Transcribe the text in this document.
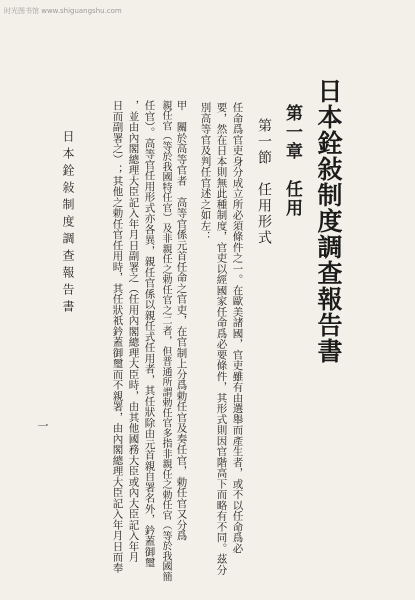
时光图书馆 www.shiguangshu.com
日本銓敍制度調查報告書
第一章　任用
第一節　任用形式
任命爲官吏身分成立所必須條件之一。在歐美諸國，官吏雖有由選舉而產生者，或不以任命爲必
要，然在日本則無此種制度，官吏以經國家任命爲必要條件，其形式則因官階高下而略有不同。茲分
別高等官及判任官述之如左：
甲　關於高等官者　高等官係元首任命之官吏，在官制上分爲勅任官及奏任官，勅任官又分爲
親任官（等於我國特任官）及非親任之勅任官之二者，但普通所謂勅任官多指非親任之勅任官（等於我國簡
任官）。高等官任用形式亦各異，親任官係以親任式任用者，其任狀除由元首親自署名外，鈐蓋御璽
，並由內閣總理大臣記入年月日副署之（任用內閣總理大臣時，由其他國務大臣或內大臣記入年月
日而副署之）；其他之勅任官任用時，其任狀祇鈐蓋御璽而不親署，由內閣總理大臣記入年月日而奉
日本銓敍制度調查報告書
一
